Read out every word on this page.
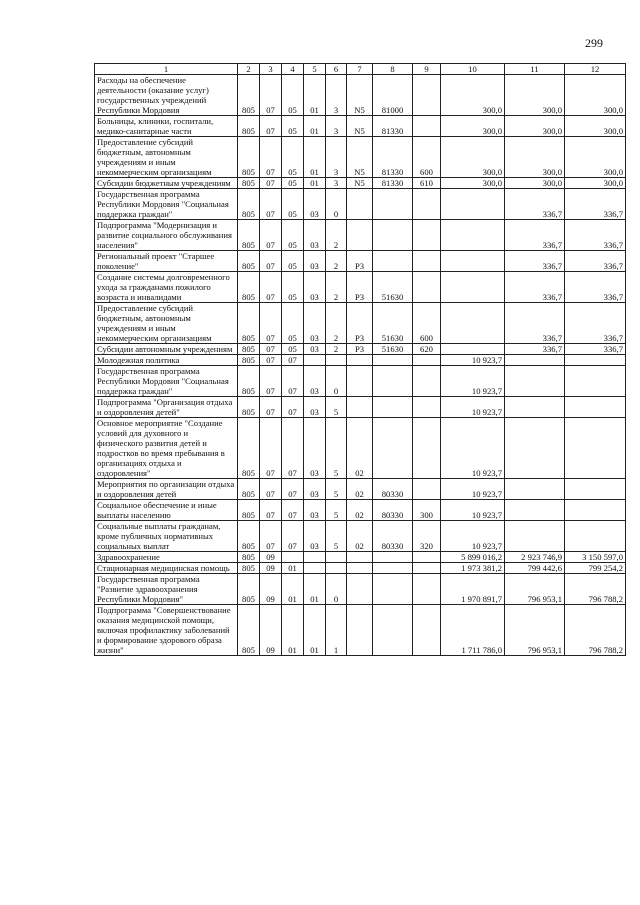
299
1	2	3	4	5	6	7	8	9	10	11	12
Расходы на обеспечение деятельности (оказание услуг) государственных учреждений Республики Мордовия	805	07	05	01	3	N5	81000		300,0	300,0	300,0
Больницы, клиники, госпитали, медико-санитарные части	805	07	05	01	3	N5	81330		300,0	300,0	300,0
Предоставление субсидий бюджетным, автономным учреждениям и иным некоммерческим организациям	805	07	05	01	3	N5	81330	600	300,0	300,0	300,0
Субсидии бюджетным учреждениям	805	07	05	01	3	N5	81330	610	300,0	300,0	300,0
Государственная программа Республики Мордовия "Социальная поддержка граждан"	805	07	05	03	0					336,7	336,7
Подпрограмма "Модернизация и развитие социального обслуживания населения"	805	07	05	03	2					336,7	336,7
Региональный проект "Старшее поколение"	805	07	05	03	2	P3				336,7	336,7
Создание системы долговременного ухода за гражданами пожилого возраста и инвалидами	805	07	05	03	2	P3	51630			336,7	336,7
Предоставление субсидий бюджетным, автономным учреждениям и иным некоммерческим организациям	805	07	05	03	2	P3	51630	600		336,7	336,7
Субсидии автономным учреждениям	805	07	05	03	2	P3	51630	620		336,7	336,7
Молодежная политика	805	07	07						10 923,7		
Государственная программа Республики Мордовия "Социальная поддержка граждан"	805	07	07	03	0				10 923,7		
Подпрограмма "Организация отдыха и оздоровления детей"	805	07	07	03	5				10 923,7		
Основное мероприятие "Создание условий для духовного и физического развития детей и подростков во время пребывания в организациях отдыха и оздоровления"	805	07	07	03	5	02			10 923,7		
Мероприятия по организации отдыха и оздоровления детей	805	07	07	03	5	02	80330		10 923,7		
Социальное обеспечение и иные выплаты населению	805	07	07	03	5	02	80330	300	10 923,7		
Социальные выплаты гражданам, кроме публичных нормативных социальных выплат	805	07	07	03	5	02	80330	320	10 923,7		
Здравоохранение	805	09							5 899 016,2	2 923 746,9	3 150 597,0
Стационарная медицинская помощь	805	09	01						1 973 381,2	799 442,6	799 254,2
Государственная программа "Развитие здравоохранения Республики Мордовия"	805	09	01	01	0				1 970 891,7	796 953,1	796 788,2
Подпрограмма "Совершенствование оказания медицинской помощи, включая профилактику заболеваний и формирование здорового образа жизни"	805	09	01	01	1				1 711 786,0	796 953,1	796 788,2
